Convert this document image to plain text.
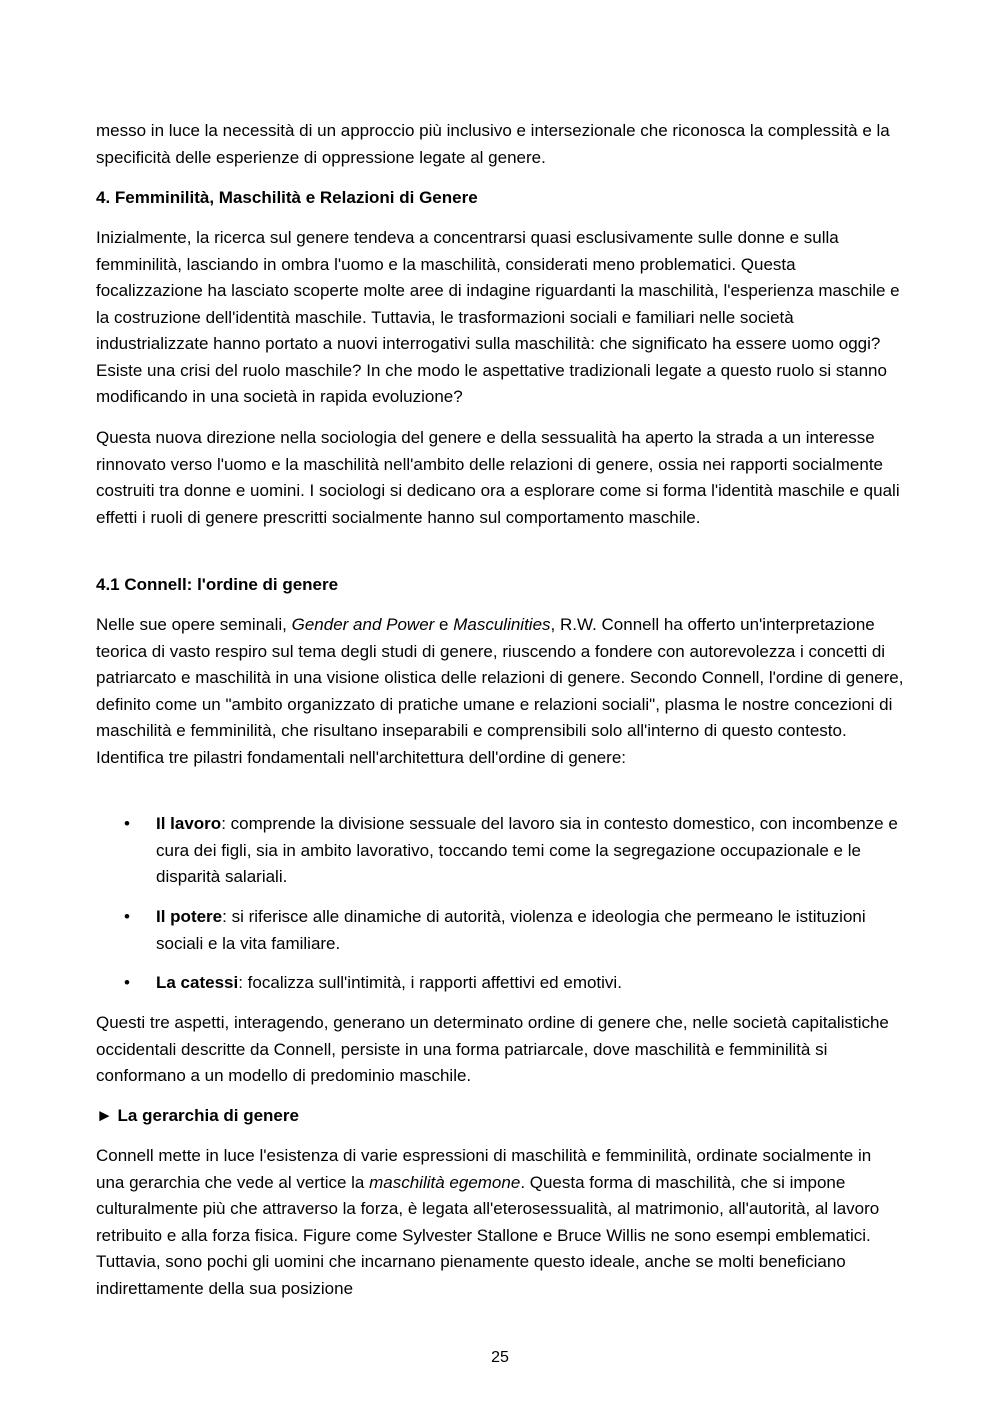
messo in luce la necessità di un approccio più inclusivo e intersezionale che riconosca la complessità e la specificità delle esperienze di oppressione legate al genere.

4. Femminilità, Maschilità e Relazioni di Genere

Inizialmente, la ricerca sul genere tendeva a concentrarsi quasi esclusivamente sulle donne e sulla femminilità, lasciando in ombra l'uomo e la maschilità, considerati meno problematici. Questa focalizzazione ha lasciato scoperte molte aree di indagine riguardanti la maschilità, l'esperienza maschile e la costruzione dell'identità maschile. Tuttavia, le trasformazioni sociali e familiari nelle società industrializzate hanno portato a nuovi interrogativi sulla maschilità: che significato ha essere uomo oggi? Esiste una crisi del ruolo maschile? In che modo le aspettative tradizionali legate a questo ruolo si stanno modificando in una società in rapida evoluzione?

Questa nuova direzione nella sociologia del genere e della sessualità ha aperto la strada a un interesse rinnovato verso l'uomo e la maschilità nell'ambito delle relazioni di genere, ossia nei rapporti socialmente costruiti tra donne e uomini. I sociologi si dedicano ora a esplorare come si forma l'identità maschile e quali effetti i ruoli di genere prescritti socialmente hanno sul comportamento maschile.

4.1 Connell: l'ordine di genere

Nelle sue opere seminali, Gender and Power e Masculinities, R.W. Connell ha offerto un'interpretazione teorica di vasto respiro sul tema degli studi di genere, riuscendo a fondere con autorevolezza i concetti di patriarcato e maschilità in una visione olistica delle relazioni di genere. Secondo Connell, l'ordine di genere, definito come un "ambito organizzato di pratiche umane e relazioni sociali", plasma le nostre concezioni di maschilità e femminilità, che risultano inseparabili e comprensibili solo all'interno di questo contesto. Identifica tre pilastri fondamentali nell'architettura dell'ordine di genere:

• Il lavoro: comprende la divisione sessuale del lavoro sia in contesto domestico, con incombenze e cura dei figli, sia in ambito lavorativo, toccando temi come la segregazione occupazionale e le disparità salariali.
• Il potere: si riferisce alle dinamiche di autorità, violenza e ideologia che permeano le istituzioni sociali e la vita familiare.
• La catessi: focalizza sull'intimità, i rapporti affettivi ed emotivi.

Questi tre aspetti, interagendo, generano un determinato ordine di genere che, nelle società capitalistiche occidentali descritte da Connell, persiste in una forma patriarcale, dove maschilità e femminilità si conformano a un modello di predominio maschile.

► La gerarchia di genere

Connell mette in luce l'esistenza di varie espressioni di maschilità e femminilità, ordinate socialmente in una gerarchia che vede al vertice la maschilità egemone. Questa forma di maschilità, che si impone culturalmente più che attraverso la forza, è legata all'eterosessualità, al matrimonio, all'autorità, al lavoro retribuito e alla forza fisica. Figure come Sylvester Stallone e Bruce Willis ne sono esempi emblematici. Tuttavia, sono pochi gli uomini che incarnano pienamente questo ideale, anche se molti beneficiano indirettamente della sua posizione

25
